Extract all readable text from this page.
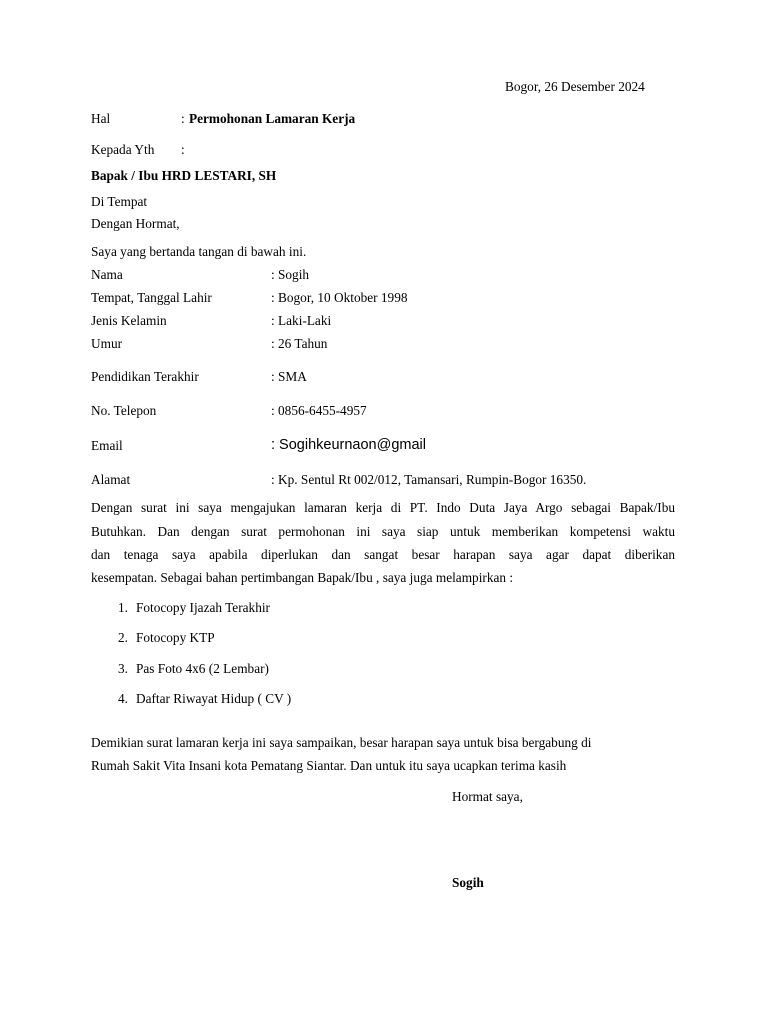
Bogor, 26 Desember 2024
Hal	: Permohonan Lamaran Kerja
Kepada Yth :
Bapak / Ibu HRD LESTARI, SH
Di Tempat
Dengan Hormat,
Saya yang bertanda tangan di bawah ini.
Nama	: Sogih
Tempat, Tanggal Lahir	: Bogor, 10 Oktober 1998
Jenis Kelamin	: Laki-Laki
Umur	: 26 Tahun
Pendidikan Terakhir	: SMA
No. Telepon	: 0856-6455-4957
Email	: Sogihkeurnaon@gmail
Alamat	: Kp. Sentul Rt 002/012, Tamansari, Rumpin-Bogor 16350.
Dengan surat ini saya mengajukan lamaran kerja di PT. Indo Duta Jaya Argo sebagai Bapak/Ibu
Butuhkan. Dan dengan surat permohonan ini saya siap untuk memberikan kompetensi waktu
dan tenaga saya apabila diperlukan dan sangat besar harapan saya agar dapat diberikan
kesempatan. Sebagai bahan pertimbangan Bapak/Ibu , saya juga melampirkan :
1. Fotocopy Ijazah Terakhir
2. Fotocopy KTP
3. Pas Foto 4x6 (2 Lembar)
4. Daftar Riwayat Hidup ( CV )
Demikian surat lamaran kerja ini saya sampaikan, besar harapan saya untuk bisa bergabung di
Rumah Sakit Vita Insani kota Pematang Siantar. Dan untuk itu saya ucapkan terima kasih
Hormat saya,
Sogih
